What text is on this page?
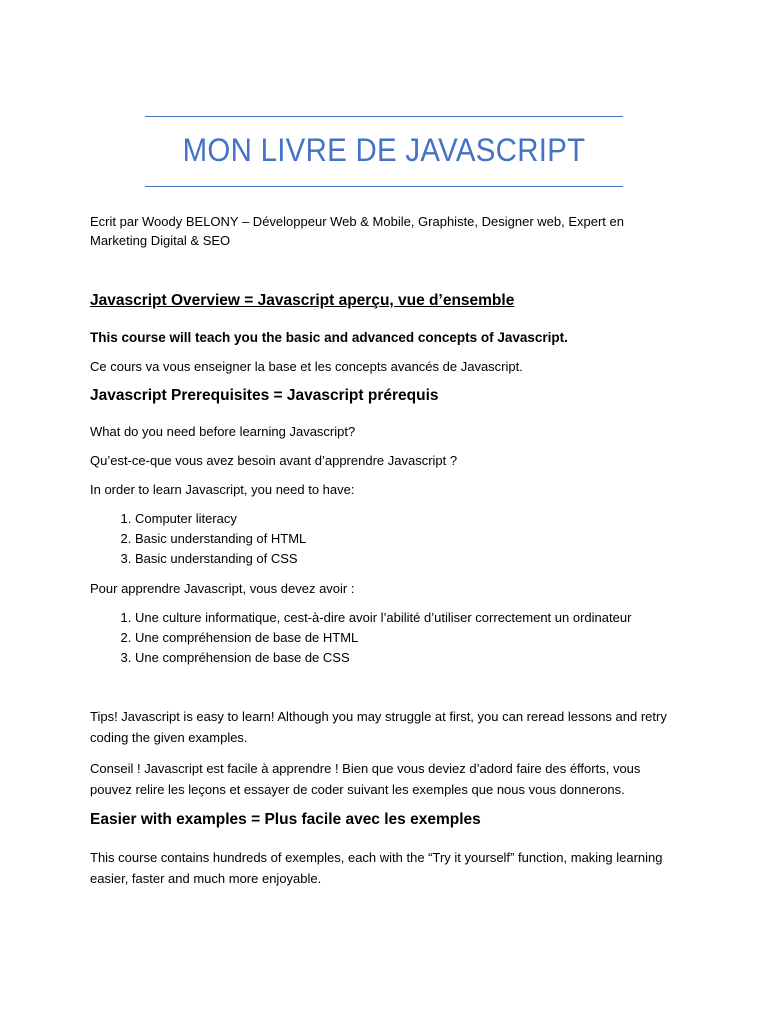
MON LIVRE DE JAVASCRIPT

Ecrit par Woody BELONY – Développeur Web & Mobile, Graphiste, Designer web, Expert en Marketing Digital & SEO

Javascript Overview = Javascript aperçu, vue d’ensemble

This course will teach you the basic and advanced concepts of Javascript.

Ce cours va vous enseigner la base et les concepts avancés de Javascript.

Javascript Prerequisites = Javascript prérequis

What do you need before learning Javascript?

Qu’est-ce-que vous avez besoin avant d’apprendre Javascript ?

In order to learn Javascript, you need to have:

1. Computer literacy
2. Basic understanding of HTML
3. Basic understanding of CSS

Pour apprendre Javascript, vous devez avoir :

1. Une culture informatique, cest-à-dire avoir l’abilité d’utiliser correctement un ordinateur
2. Une compréhension de base de HTML
3. Une compréhension de base de CSS

Tips! Javascript is easy to learn! Although you may struggle at first, you can reread lessons and retry coding the given examples.

Conseil ! Javascript est facile à apprendre ! Bien que vous deviez d’adord faire des éfforts, vous pouvez relire les leçons et essayer de coder suivant les exemples que nous vous donnerons.

Easier with examples = Plus facile avec les exemples

This course contains hundreds of exemples, each with the “Try it yourself” function, making learning easier, faster and much more enjoyable.
